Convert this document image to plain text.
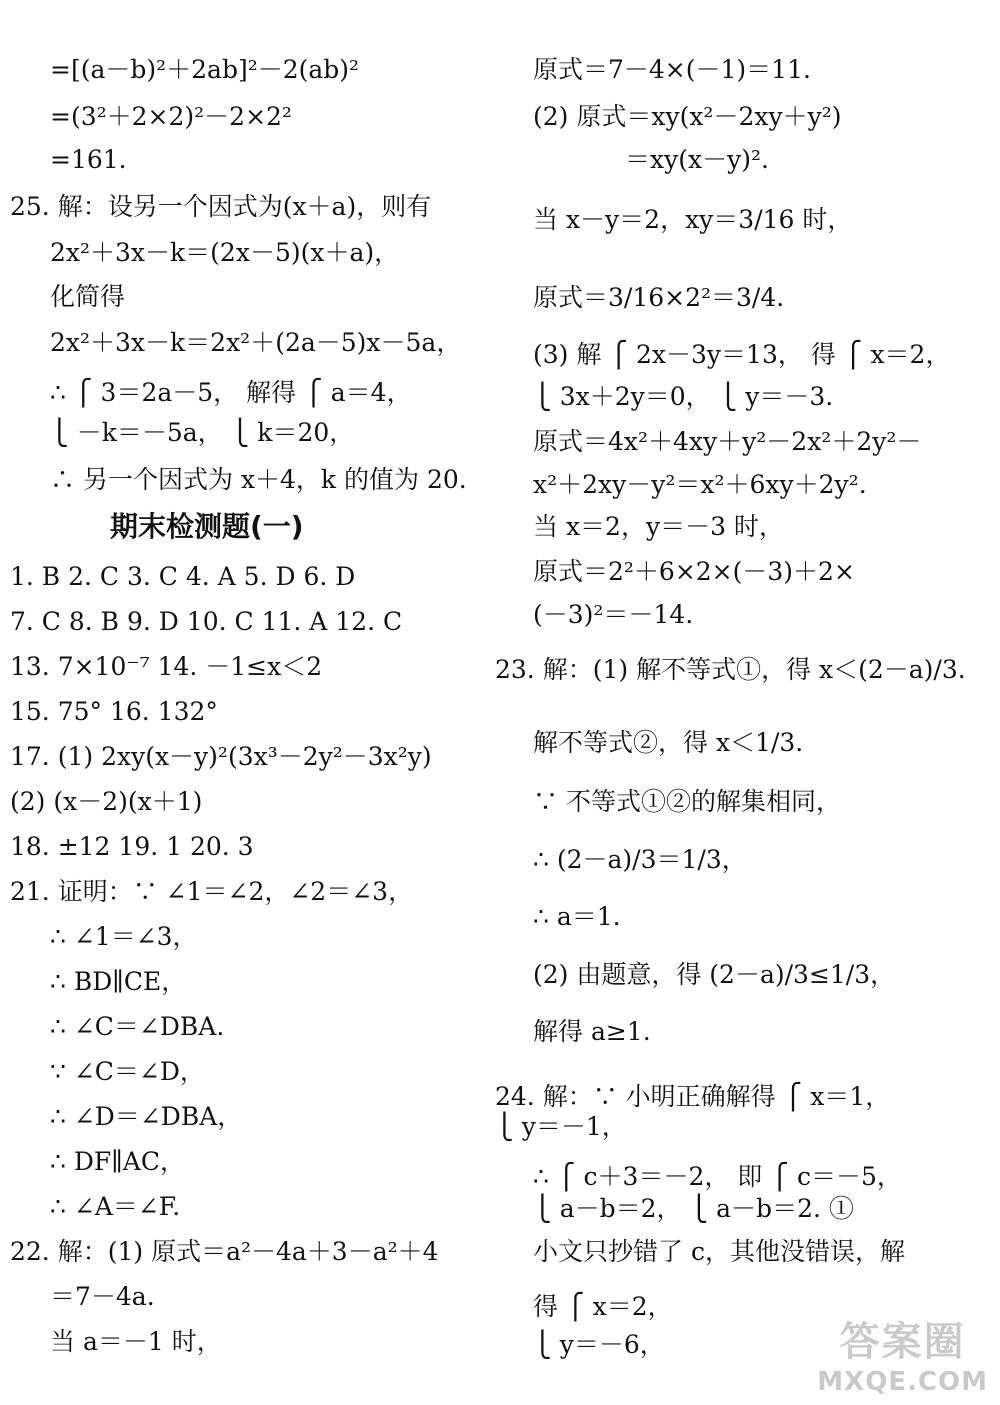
=[(a－b)²＋2ab]²－2(ab)²
=(3²＋2×2)²－2×2²
=161.
25. 解：设另一个因式为(x＋a)，则有
2x²＋3x－k＝(2x－5)(x＋a)，
化简得
2x²＋3x－k＝2x²＋(2a－5)x－5a，
∴ ⎧ 3＝2a－5， 解得 ⎧ a＝4，
⎩ －k＝－5a， ⎩ k＝20，
∴ 另一个因式为 x＋4，k 的值为 20.
期末检测题(一)
1. B 2. C 3. C 4. A 5. D 6. D
7. C 8. B 9. D 10. C 11. A 12. C
13. 7×10⁻⁷ 14. －1≤x＜2
15. 75° 16. 132°
17. (1) 2xy(x－y)²(3x³－2y²－3x²y)
(2) (x－2)(x＋1)
18. ±12 19. 1 20. 3
21. 证明：∵ ∠1＝∠2，∠2＝∠3，
∴ ∠1＝∠3，
∴ BD∥CE，
∴ ∠C＝∠DBA.
∵ ∠C＝∠D，
∴ ∠D＝∠DBA，
∴ DF∥AC，
∴ ∠A＝∠F.
22. 解：(1) 原式＝a²－4a＋3－a²＋4
＝7－4a.
当 a＝－1 时，
原式＝7－4×(－1)＝11.
(2) 原式＝xy(x²－2xy＋y²)
＝xy(x－y)².
当 x－y＝2，xy＝3/16 时，
原式＝3/16×2²＝3/4.
(3) 解 ⎧ 2x－3y＝13， 得 ⎧ x＝2，
⎩ 3x＋2y＝0， ⎩ y＝－3.
原式＝4x²＋4xy＋y²－2x²＋2y²－
x²＋2xy－y²＝x²＋6xy＋2y².
当 x＝2，y＝－3 时，
原式＝2²＋6×2×(－3)＋2×
(－3)²＝－14.
23. 解：(1) 解不等式①，得 x＜(2－a)/3.
解不等式②，得 x＜1/3.
∵ 不等式①②的解集相同，
∴ (2－a)/3＝1/3，
∴ a＝1.
(2) 由题意，得 (2－a)/3≤1/3，
解得 a≥1.
24. 解：∵ 小明正确解得 ⎧ x＝1，
⎩ y＝－1，
∴ ⎧ c＋3＝－2， 即 ⎧ c＝－5，
⎩ a－b＝2， ⎩ a－b＝2. ①
小文只抄错了 c，其他没错误，解
得 ⎧ x＝2，
⎩ y＝－6，	答案圈
MXQE.COM
